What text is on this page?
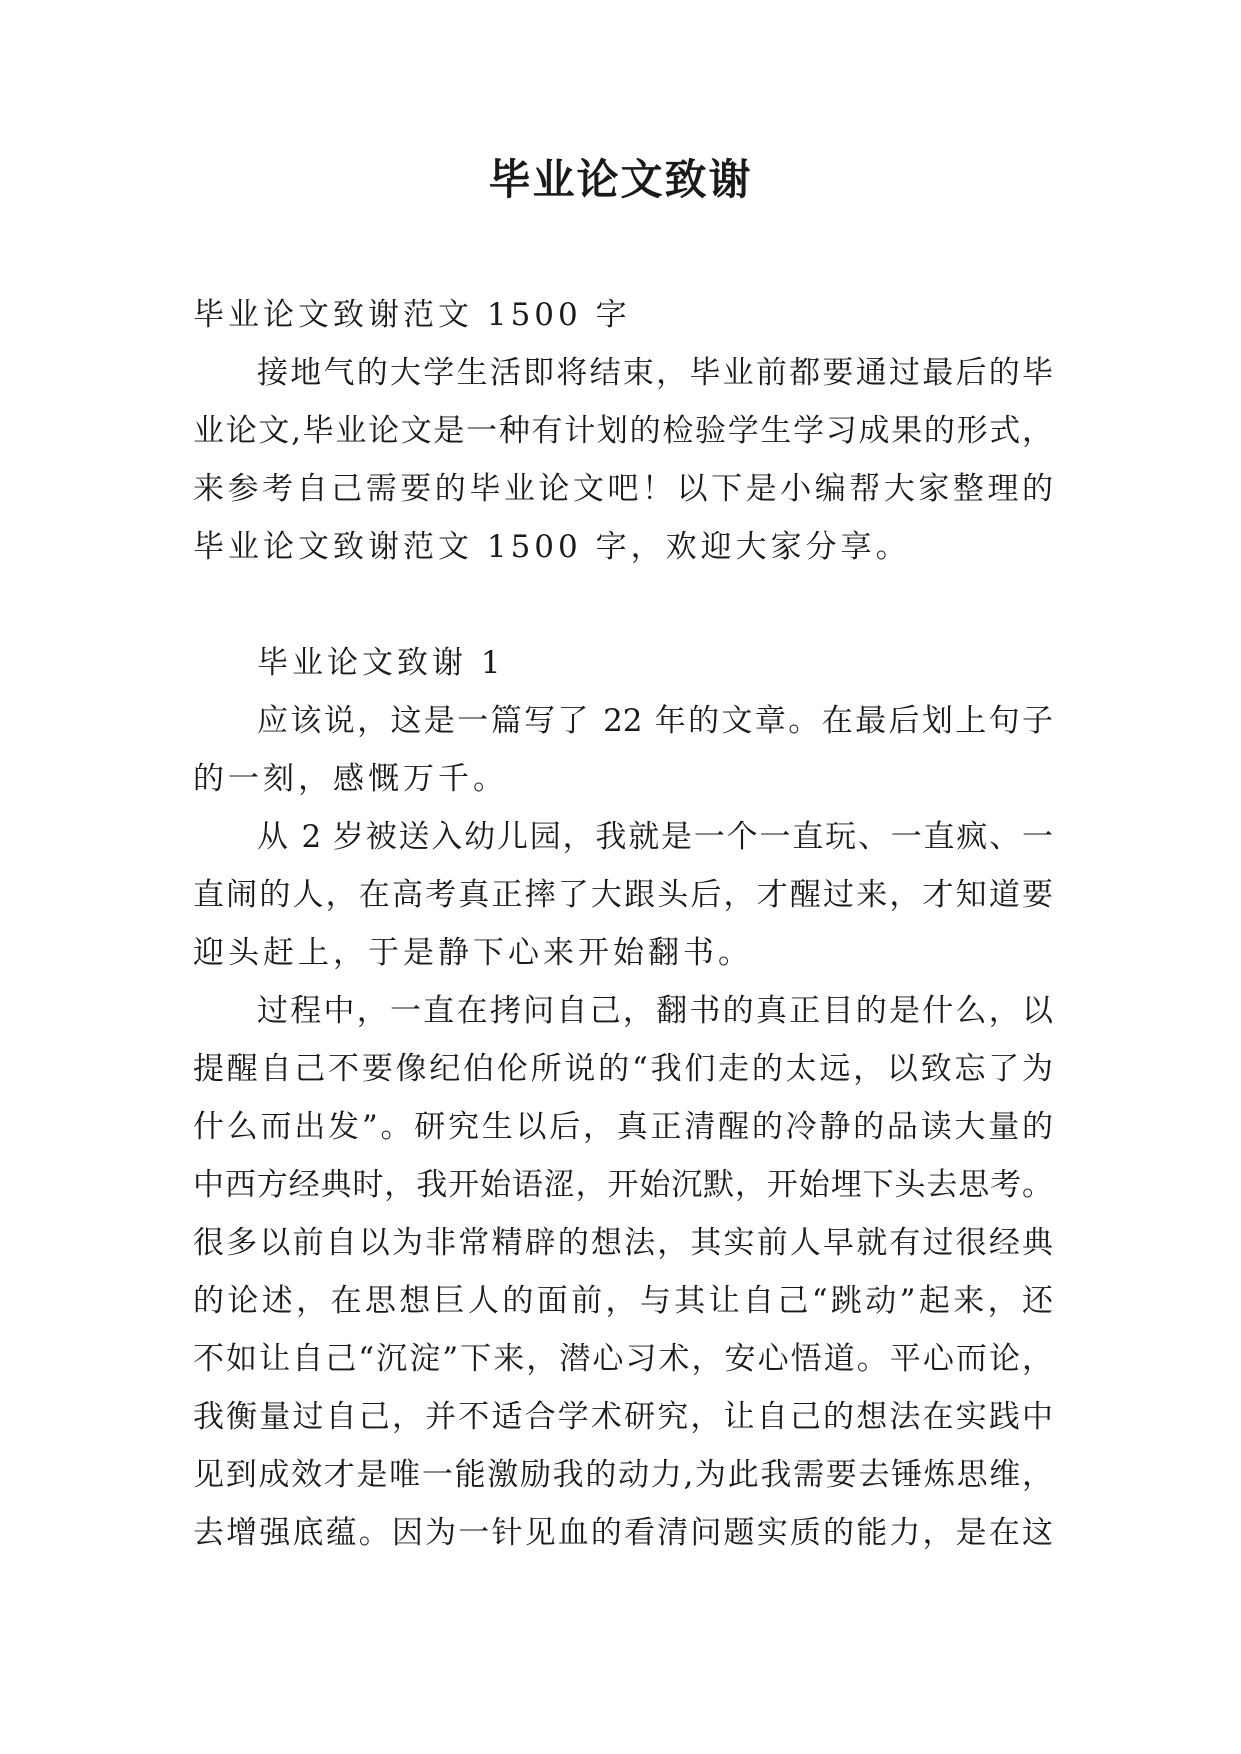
毕业论文致谢
毕业论文致谢范文 1500 字
接地气的大学生活即将结束，毕业前都要通过最后的毕
业论文,毕业论文是一种有计划的检验学生学习成果的形式，
来参考自己需要的毕业论文吧！以下是小编帮大家整理的
毕业论文致谢范文 1500 字，欢迎大家分享。
毕业论文致谢 1
应该说，这是一篇写了 22 年的文章。在最后划上句子
的一刻，感慨万千。
从 2 岁被送入幼儿园，我就是一个一直玩、一直疯、一
直闹的人，在高考真正摔了大跟头后，才醒过来，才知道要
迎头赶上，于是静下心来开始翻书。
过程中，一直在拷问自己，翻书的真正目的是什么，以
提醒自己不要像纪伯伦所说的“我们走的太远，以致忘了为
什么而出发”。研究生以后，真正清醒的冷静的品读大量的
中西方经典时，我开始语涩，开始沉默，开始埋下头去思考。
很多以前自以为非常精辟的想法，其实前人早就有过很经典
的论述，在思想巨人的面前，与其让自己“跳动”起来，还
不如让自己“沉淀”下来，潜心习术，安心悟道。平心而论，
我衡量过自己，并不适合学术研究，让自己的想法在实践中
见到成效才是唯一能激励我的动力,为此我需要去锤炼思维，
去增强底蕴。因为一针见血的看清问题实质的能力，是在这
